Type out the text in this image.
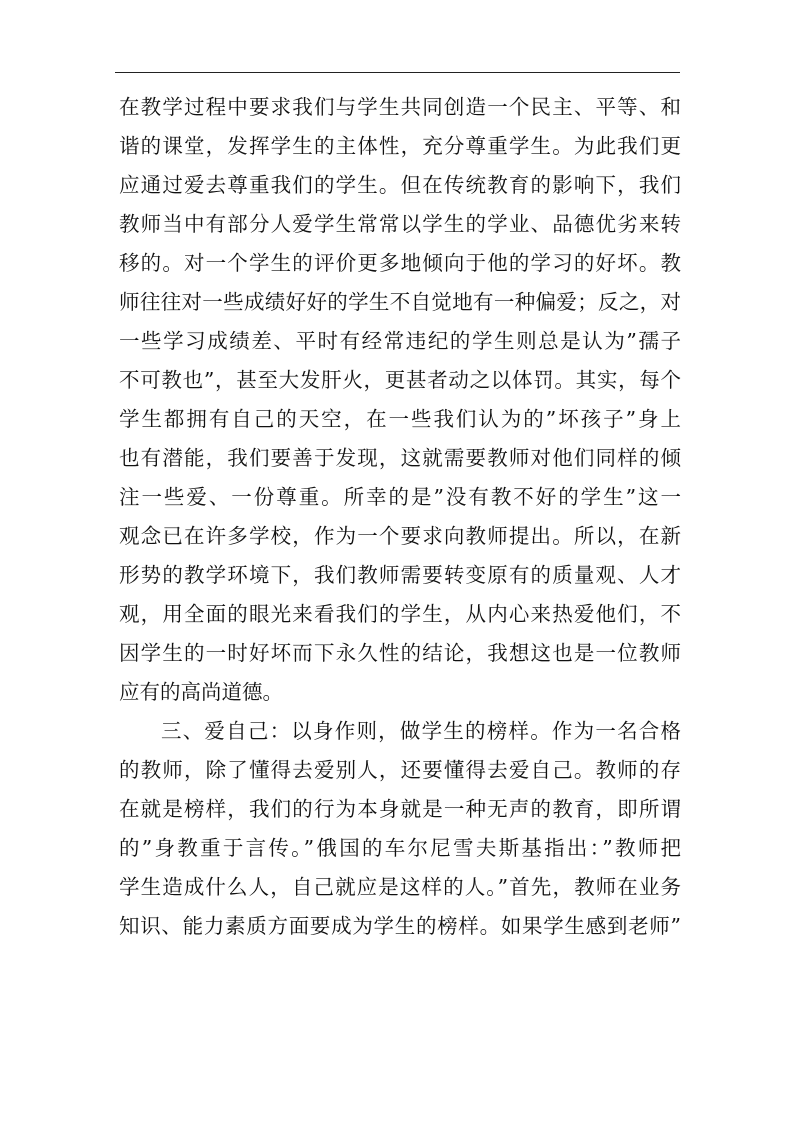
在教学过程中要求我们与学生共同创造一个民主、平等、和
谐的课堂，发挥学生的主体性，充分尊重学生。为此我们更
应通过爱去尊重我们的学生。但在传统教育的影响下，我们
教师当中有部分人爱学生常常以学生的学业、品德优劣来转
移的。对一个学生的评价更多地倾向于他的学习的好坏。教
师往往对一些成绩好好的学生不自觉地有一种偏爱；反之，对
一些学习成绩差、平时有经常违纪的学生则总是认为”孺子
不可教也”，甚至大发肝火，更甚者动之以体罚。其实，每个
学生都拥有自己的天空，在一些我们认为的”坏孩子”身上
也有潜能，我们要善于发现，这就需要教师对他们同样的倾
注一些爱、一份尊重。所幸的是”没有教不好的学生”这一
观念已在许多学校，作为一个要求向教师提出。所以，在新
形势的教学环境下，我们教师需要转变原有的质量观、人才
观，用全面的眼光来看我们的学生，从内心来热爱他们，不
因学生的一时好坏而下永久性的结论，我想这也是一位教师
应有的高尚道德。
三、爱自己：以身作则，做学生的榜样。作为一名合格
的教师，除了懂得去爱别人，还要懂得去爱自己。教师的存
在就是榜样，我们的行为本身就是一种无声的教育，即所谓
的”身教重于言传。”俄国的车尔尼雪夫斯基指出：”教师把
学生造成什么人，自己就应是这样的人。”首先，教师在业务
知识、能力素质方面要成为学生的榜样。如果学生感到老师”
